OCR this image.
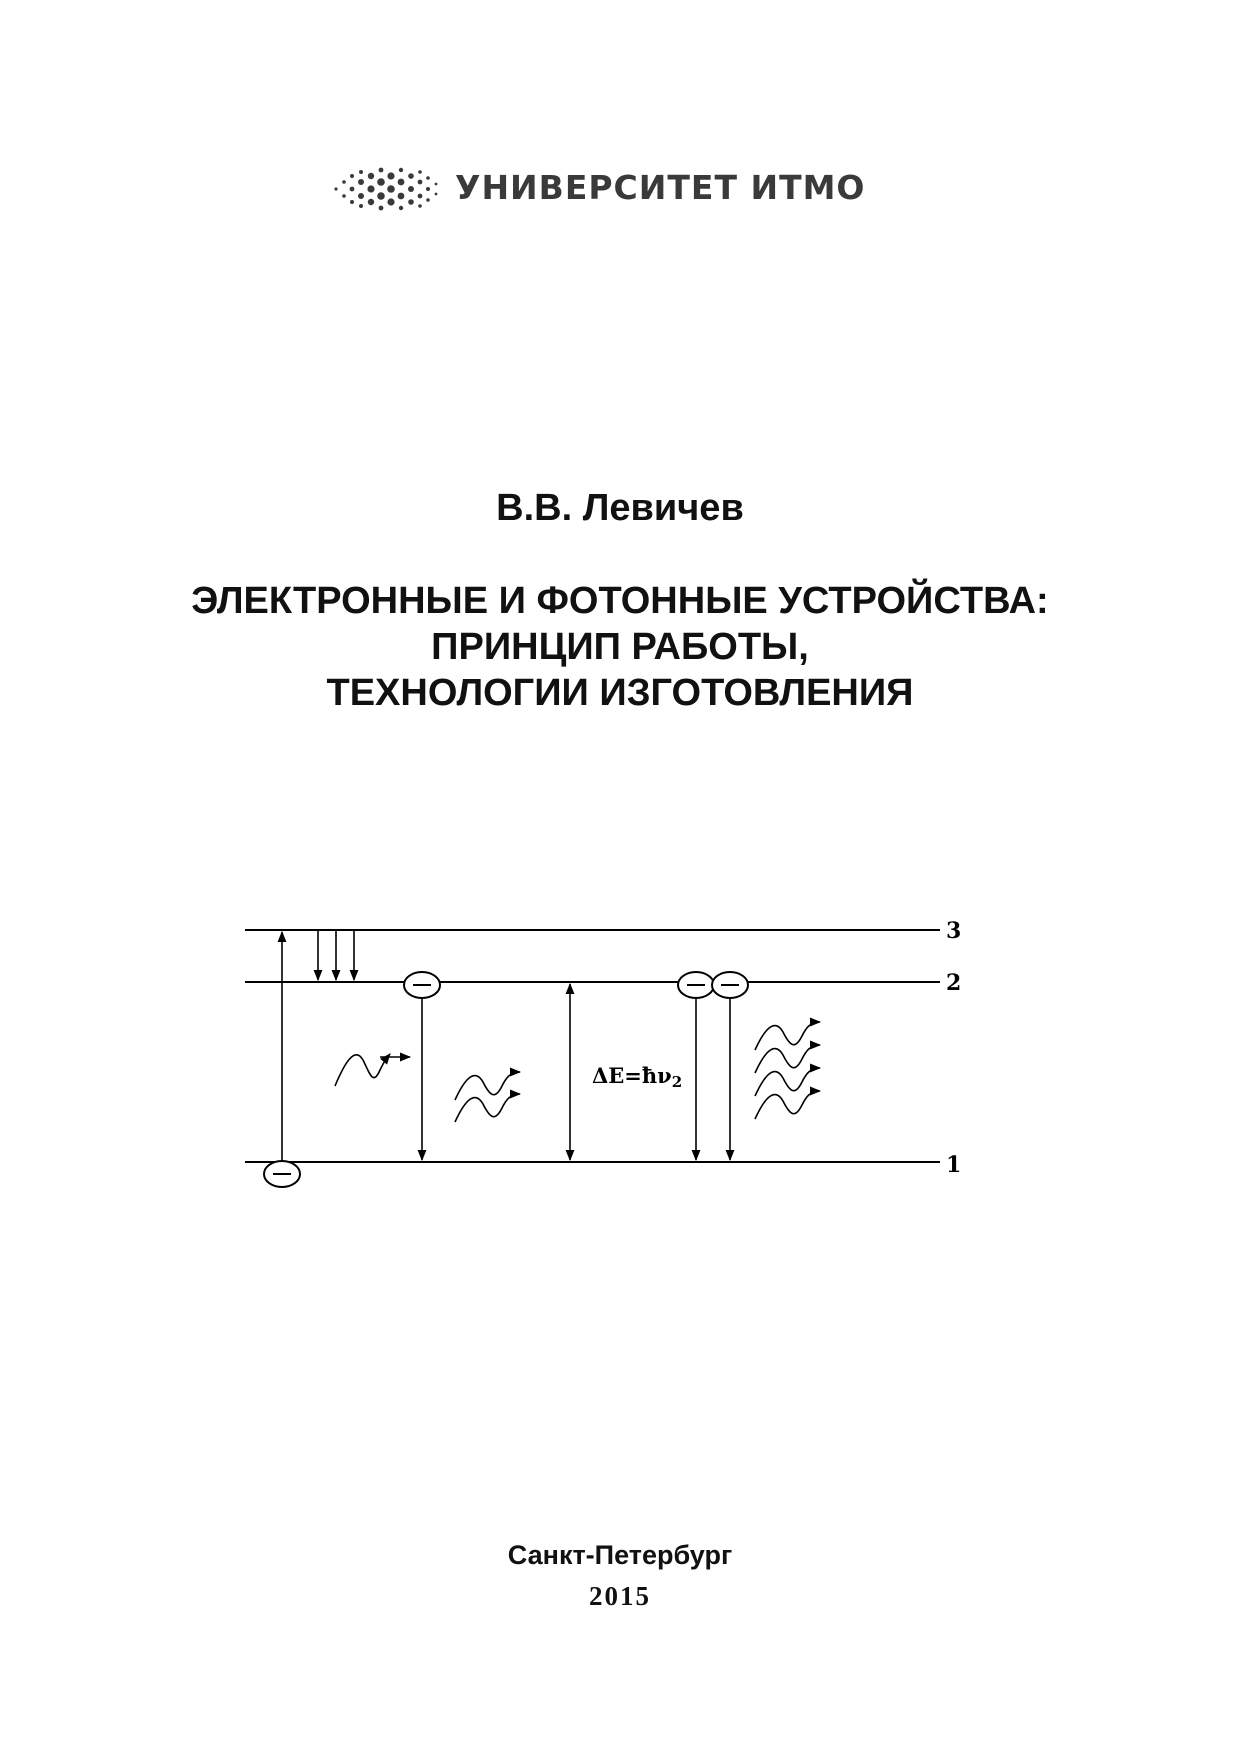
УНИВЕРСИТЕТ ИТМО
В.В. Левичев
ЭЛЕКТРОННЫЕ И ФОТОННЫЕ УСТРОЙСТВА:
ПРИНЦИП РАБОТЫ,
ТЕХНОЛОГИИ ИЗГОТОВЛЕНИЯ
3
2
1
ΔE=ħν2
Санкт-Петербург
2015
